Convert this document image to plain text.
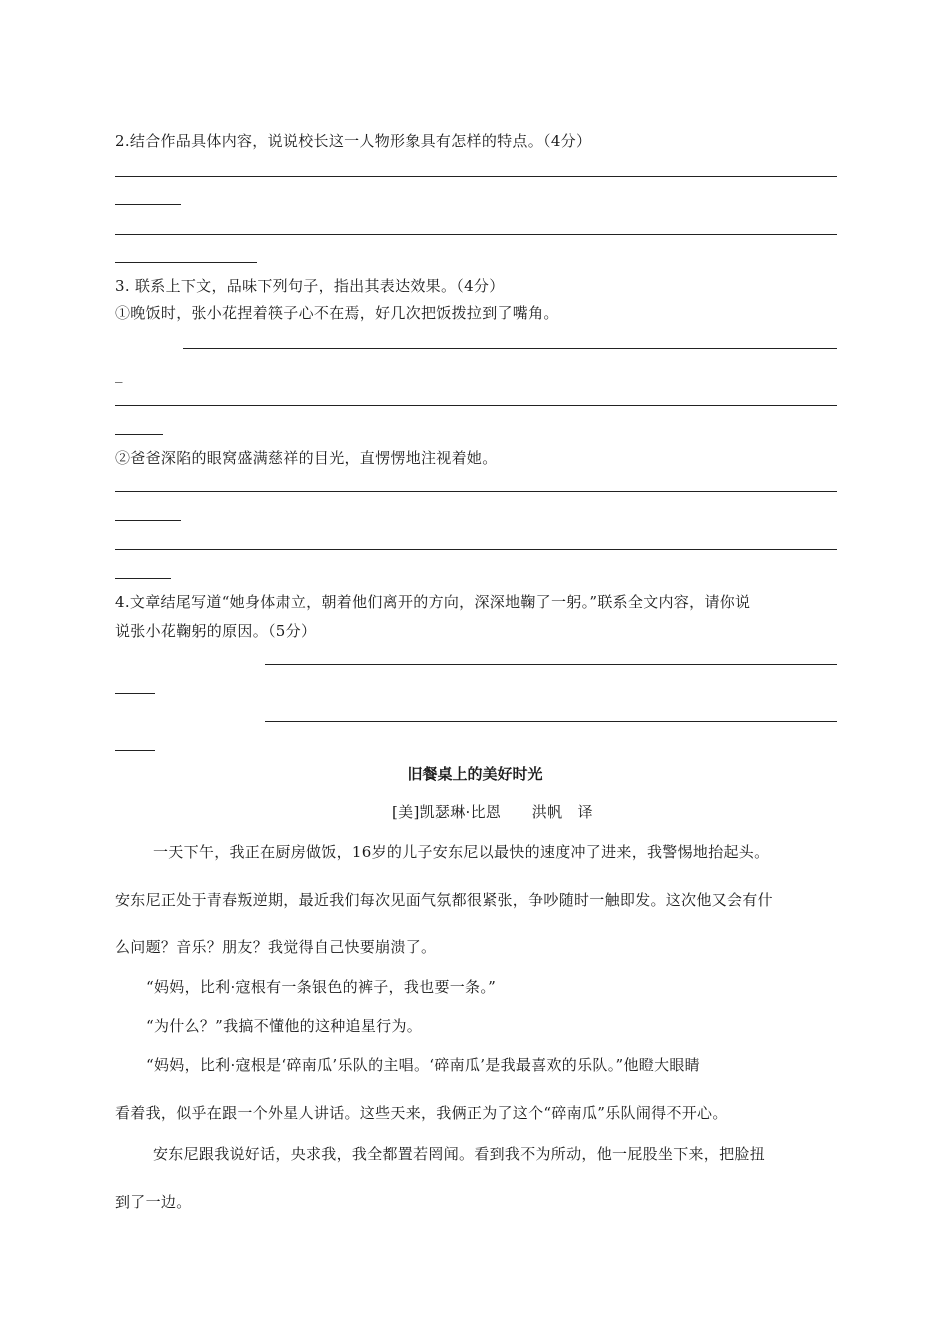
2.结合作品具体内容，说说校长这一人物形象具有怎样的特点。（4分）
3. 联系上下文，品味下列句子，指出其表达效果。（4分）
①晚饭时，张小花捏着筷子心不在焉，好几次把饭拨拉到了嘴角。
_
②爸爸深陷的眼窝盛满慈祥的目光，直愣愣地注视着她。
4.文章结尾写道“她身体肃立，朝着他们离开的方向，深深地鞠了一躬。”联系全文内容，请你说
说张小花鞠躬的原因。（5分）
旧餐桌上的美好时光
[美]凯瑟琳·比恩　　洪帆　译
一天下午，我正在厨房做饭，16岁的儿子安东尼以最快的速度冲了进来，我警惕地抬起头。
安东尼正处于青春叛逆期，最近我们每次见面气氛都很紧张，争吵随时一触即发。这次他又会有什
么问题？音乐？朋友？我觉得自己快要崩溃了。
“妈妈，比利·寇根有一条银色的裤子，我也要一条。”
“为什么？”我搞不懂他的这种追星行为。
“妈妈，比利·寇根是‘碎南瓜’乐队的主唱。‘碎南瓜’是我最喜欢的乐队。”他瞪大眼睛
看着我，似乎在跟一个外星人讲话。这些天来，我俩正为了这个“碎南瓜”乐队闹得不开心。
安东尼跟我说好话，央求我，我全都置若罔闻。看到我不为所动，他一屁股坐下来，把脸扭
到了一边。
